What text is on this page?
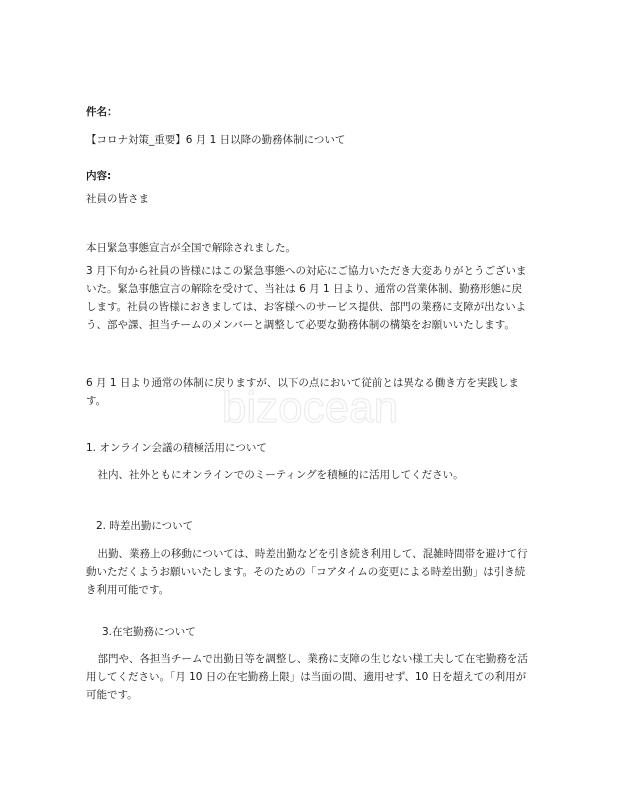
bizocean
件名：
【コロナ対策_重要】6 月 1 日以降の勤務体制について
内容:
社員の皆さま
本日緊急事態宣言が全国で解除されました。
3 月下旬から社員の皆様にはこの緊急事態への対応にご協力いただき大変ありがとうございまいた。緊急事態宣言の解除を受けて、当社は 6 月 1 日より、通常の営業体制、勤務形態に戻します。社員の皆様におきましては、お客様へのサービス提供、部門の業務に支障が出ないよう、部や課、担当チームのメンバーと調整して必要な勤務体制の構築をお願いいたします。
6 月 1 日より通常の体制に戻りますが、以下の点において従前とは異なる働き方を実践します。
1. オンライン会議の積極活用について
社内、社外ともにオンラインでのミーティングを積極的に活用してください。
2. 時差出勤について
出勤、業務上の移動については、時差出勤などを引き続き利用して、混雑時間帯を避けて行動いただくようお願いいたします。そのための「コアタイムの変更による時差出勤」は引き続き利用可能です。
3.在宅勤務について
部門や、各担当チームで出勤日等を調整し、業務に支障の生じない様工夫して在宅勤務を活用してください。「月 10 日の在宅勤務上限」は当面の間、適用せず、10 日を超えての利用が可能です。
